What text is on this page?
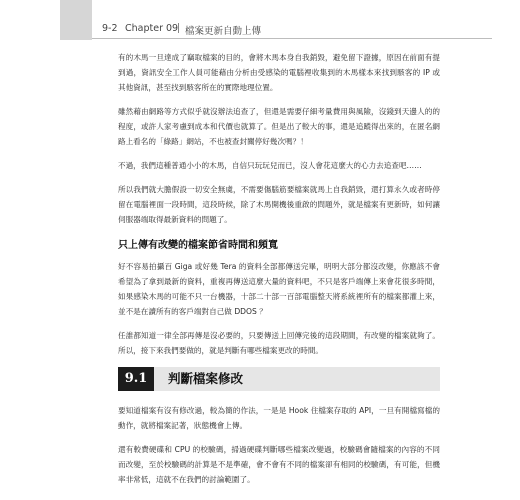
9-2 Chapter 09 檔案更新自動上傳

有的木馬一旦達成了竊取檔案的目的，會將木馬本身自我銷毀，避免留下證據，原因在前面有提到過，資訊安全工作人員可能藉由分析由受感染的電腦裡收集到的木馬樣本來找到駭客的 IP 或其他資訊，甚至找到駭客所在的實際地理位置。

雖然藉由網路等方式似乎就沒辦法追查了，但還是需要仔細考量費用與風險，沒錢到天邊人的的程度，或許人家考慮到成本和代價也就算了。但是出了較大的事，還是追蹤得出來的，在匿名網路上看名的「綠路」網站，不也被查封關停好幾次嗎？！

不過，我們這種普通小小的木馬，自信只玩玩兒而已，沒人會花這麼大的心力去追查吧……

所以我們就大膽假設一切安全無虞，不需要傷腦筋要檔案就馬上自我銷毀，還打算永久或者時停留在電腦裡面一段時間，這段時候，除了木馬開機後重啟的問題外，就是檔案有更新時，如何讓伺服器端取得最新資料的問題了。

只上傳有改變的檔案節省時間和頻寬

好不容易拍攝百 Giga 或好幾 Tera 的資料全部都傳送完畢，明明大部分都沒改變，你應該不會希望為了拿到最新的資料，重複再傳送這麼大量的資料吧，不只是客戶端傳上來會花很多時間，如果感染木馬的可能不只一台機器，十部二十部一百部電腦整天將系統裡所有的檔案都灌上來，並不是在讀所有的客戶端對自己做 DDOS ？

任誰都知道一律全部再傳是沒必要的，只要傳送上回傳完後的這段期間，有改變的檔案就夠了。所以，接下來我們要做的，就是判斷有哪些檔案更改的時間。

9.1	判斷檔案修改

要知道檔案有沒有修改過，較為簡的作法，一是是 Hook 住檔案存取的 API，一旦有開檔寫檔的動作，就將檔案記著，狀態機會上傳。

還有較費硬碟和 CPU 的校驗碼，掃過硬碟判斷哪些檔案改變過，校驗碼會隨檔案的內容的不同而改變，至於校驗碼的計算是不是準確，會不會有不同的檔案卻有相同的校驗碼，有可能，但機率非常低，這就不在我們的討論範圍了。
